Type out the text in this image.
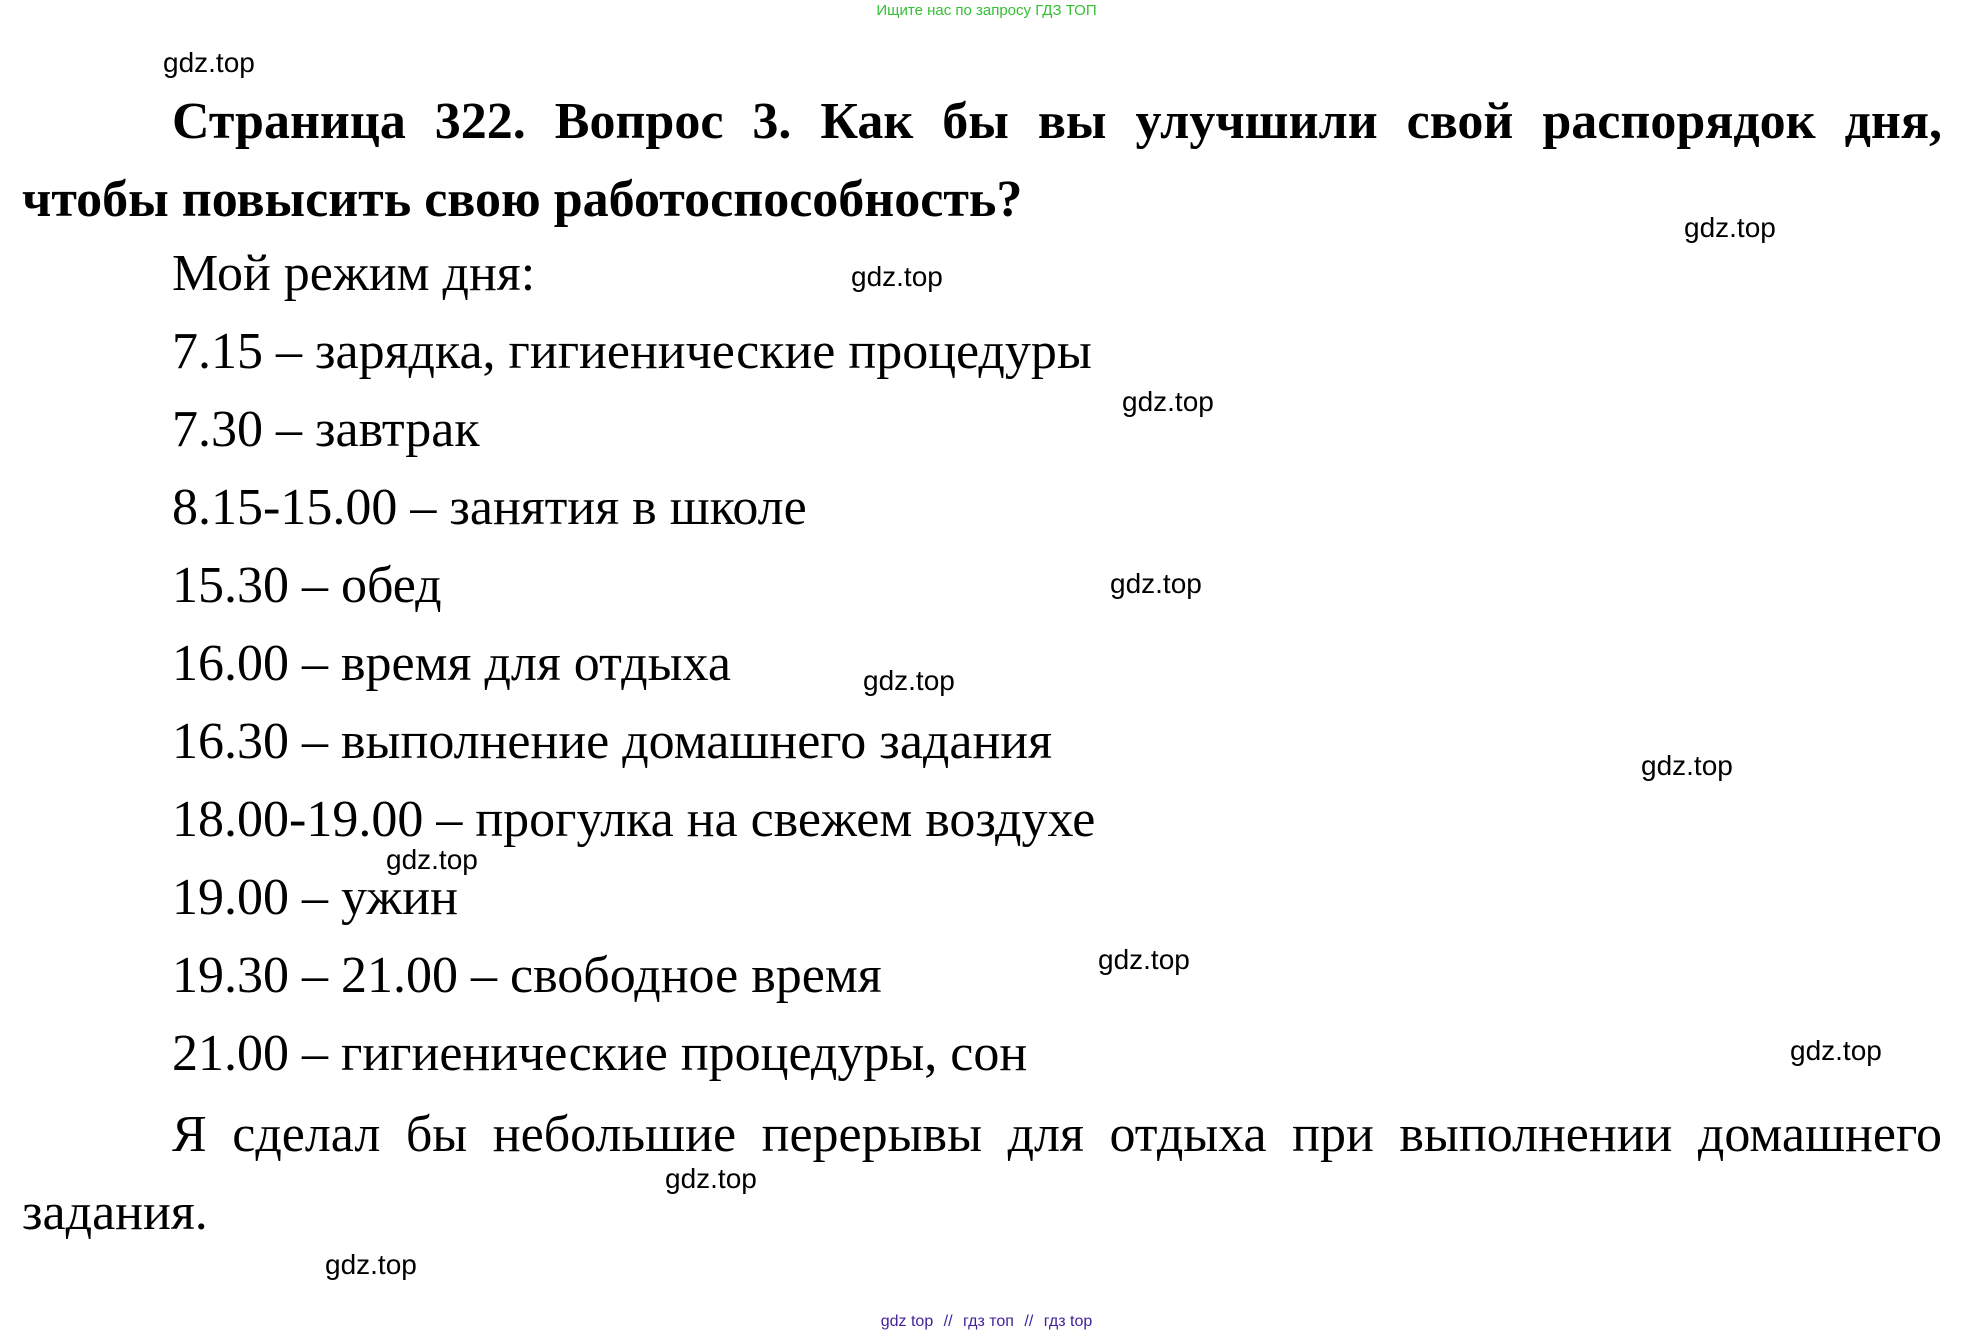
Ищите нас по запросу ГДЗ ТОП

Страница 322. Вопрос 3. Как бы вы улучшили свой распорядок дня, чтобы повысить свою работоспособность?

Мой режим дня:

7.15 – зарядка, гигиенические процедуры

7.30 – завтрак

8.15-15.00 – занятия в школе

15.30 – обед

16.00 – время для отдыха

16.30 – выполнение домашнего задания

18.00-19.00 – прогулка на свежем воздухе

19.00 – ужин

19.30 – 21.00 – свободное время

21.00 – гигиенические процедуры, сон

Я сделал бы небольшие перерывы для отдыха при выполнении домашнего задания.

gdz.top
gdz.top
gdz.top
gdz.top
gdz.top
gdz.top
gdz.top
gdz.top
gdz.top
gdz.top
gdz.top
gdz.top
gdz top // гдз топ // гдз top
